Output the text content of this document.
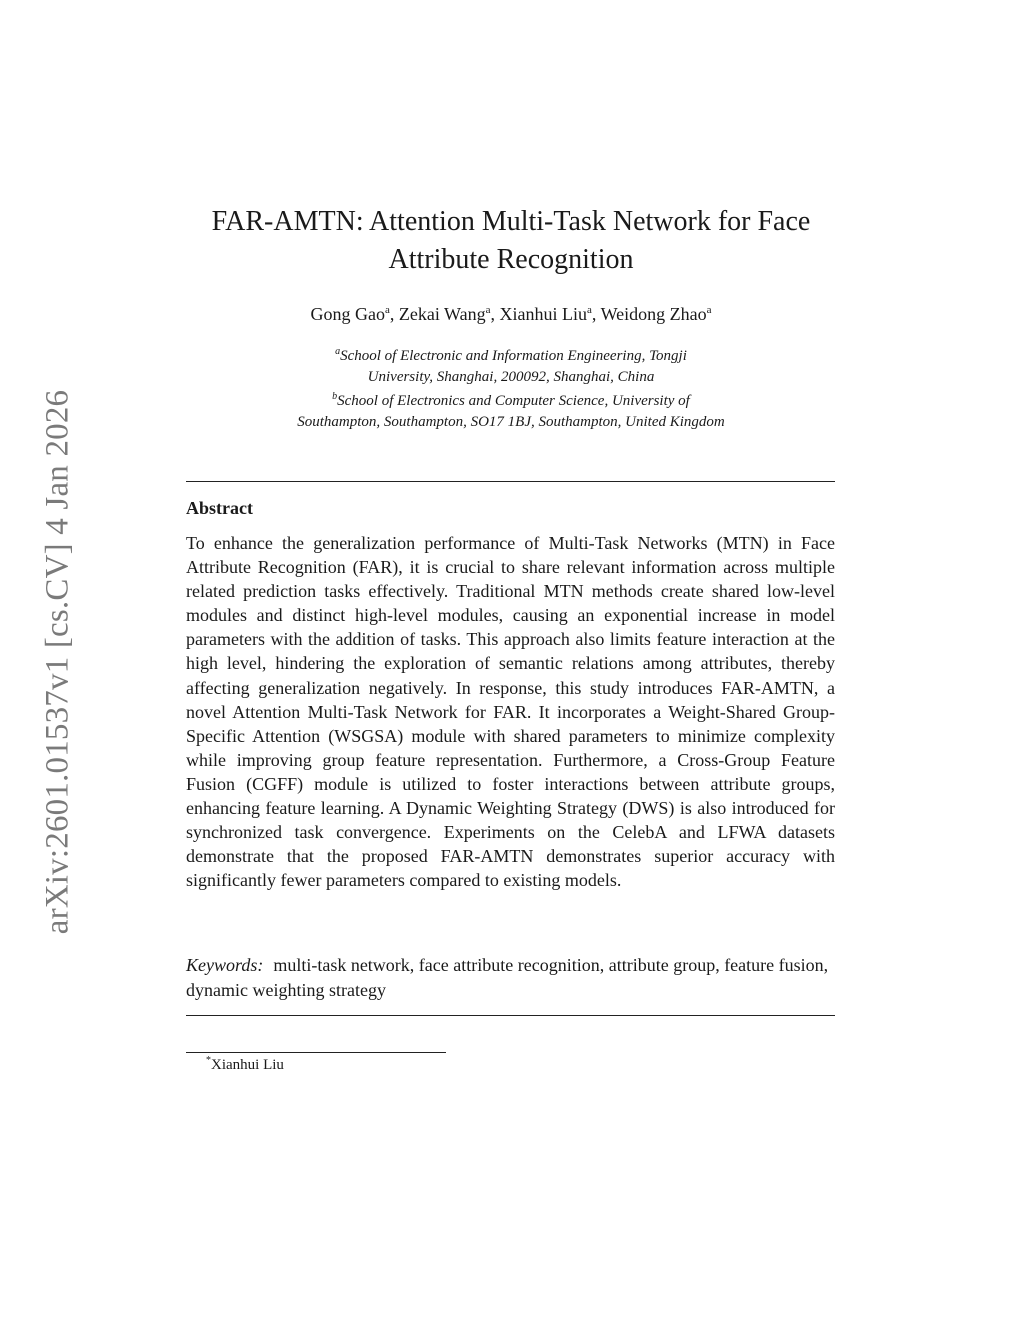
arXiv:2601.01537v1 [cs.CV] 4 Jan 2026
FAR-AMTN: Attention Multi-Task Network for Face
Attribute Recognition
Gong Gao$^a$, Zekai Wang$^a$, Xianhui Liu$^a$, Weidong Zhao$^a$
$^a$School of Electronic and Information Engineering, Tongji
University, Shanghai, 200092, Shanghai, China
$^b$School of Electronics and Computer Science, University of
Southampton, Southampton, SO17 1BJ, Southampton, United Kingdom
Abstract
To enhance the generalization performance of Multi-Task Networks (MTN) in Face Attribute Recognition (FAR), it is crucial to share relevant information across multiple related prediction tasks effectively. Traditional MTN methods create shared low-level modules and distinct high-level modules, causing an exponential increase in model parameters with the addition of tasks. This approach also limits feature interaction at the high level, hindering the exploration of semantic relations among attributes, thereby affecting generalization negatively. In response, this study introduces FAR-AMTN, a novel Attention Multi-Task Network for FAR. It incorporates a Weight-Shared Group-Specific Attention (WSGSA) module with shared parameters to minimize complexity while improving group feature representation. Furthermore, a Cross-Group Feature Fusion (CGFF) module is utilized to foster interactions between attribute groups, enhancing feature learning. A Dynamic Weighting Strategy (DWS) is also introduced for synchronized task convergence. Experiments on the CelebA and LFWA datasets demonstrate that the proposed FAR-AMTN demonstrates superior accuracy with significantly fewer parameters compared to existing models.
Keywords: multi-task network, face attribute recognition, attribute group, feature fusion, dynamic weighting strategy
*Xianhui Liu
